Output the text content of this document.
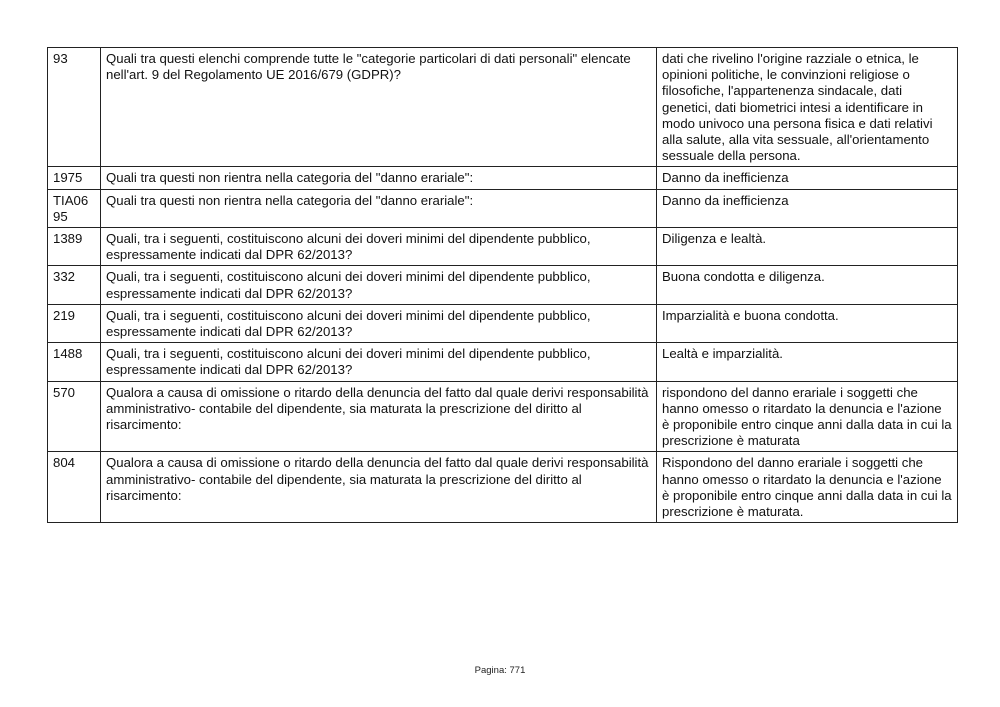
93	Quali tra questi elenchi comprende tutte le "categorie particolari di dati personali" elencate nell'art. 9 del Regolamento UE 2016/679 (GDPR)?	dati che rivelino l'origine razziale o etnica, le opinioni politiche, le convinzioni religiose o filosofiche, l'appartenenza sindacale, dati genetici, dati biometrici intesi a identificare in modo univoco una persona fisica e dati relativi alla salute, alla vita sessuale, all'orientamento sessuale della persona.
1975	Quali tra questi non rientra nella categoria del "danno erariale":	Danno da inefficienza
TIA0695	Quali tra questi non rientra nella categoria del "danno erariale":	Danno da inefficienza
1389	Quali, tra i seguenti, costituiscono alcuni dei doveri minimi del dipendente pubblico, espressamente indicati dal DPR 62/2013?	Diligenza e lealtà.
332	Quali, tra i seguenti, costituiscono alcuni dei doveri minimi del dipendente pubblico, espressamente indicati dal DPR 62/2013?	Buona condotta e diligenza.
219	Quali, tra i seguenti, costituiscono alcuni dei doveri minimi del dipendente pubblico, espressamente indicati dal DPR 62/2013?	Imparzialità e buona condotta.
1488	Quali, tra i seguenti, costituiscono alcuni dei doveri minimi del dipendente pubblico, espressamente indicati dal DPR 62/2013?	Lealtà e imparzialità.
570	Qualora a causa di omissione o ritardo della denuncia del fatto dal quale derivi responsabilità amministrativo- contabile del dipendente, sia maturata la prescrizione del diritto al risarcimento:	rispondono del danno erariale i soggetti che hanno omesso o ritardato la denuncia e l'azione è proponibile entro cinque anni dalla data in cui la prescrizione è maturata
804	Qualora a causa di omissione o ritardo della denuncia del fatto dal quale derivi responsabilità amministrativo- contabile del dipendente, sia maturata la prescrizione del diritto al risarcimento:	Rispondono del danno erariale i soggetti che hanno omesso o ritardato la denuncia e l'azione è proponibile entro cinque anni dalla data in cui la prescrizione è maturata.
Pagina: 771
